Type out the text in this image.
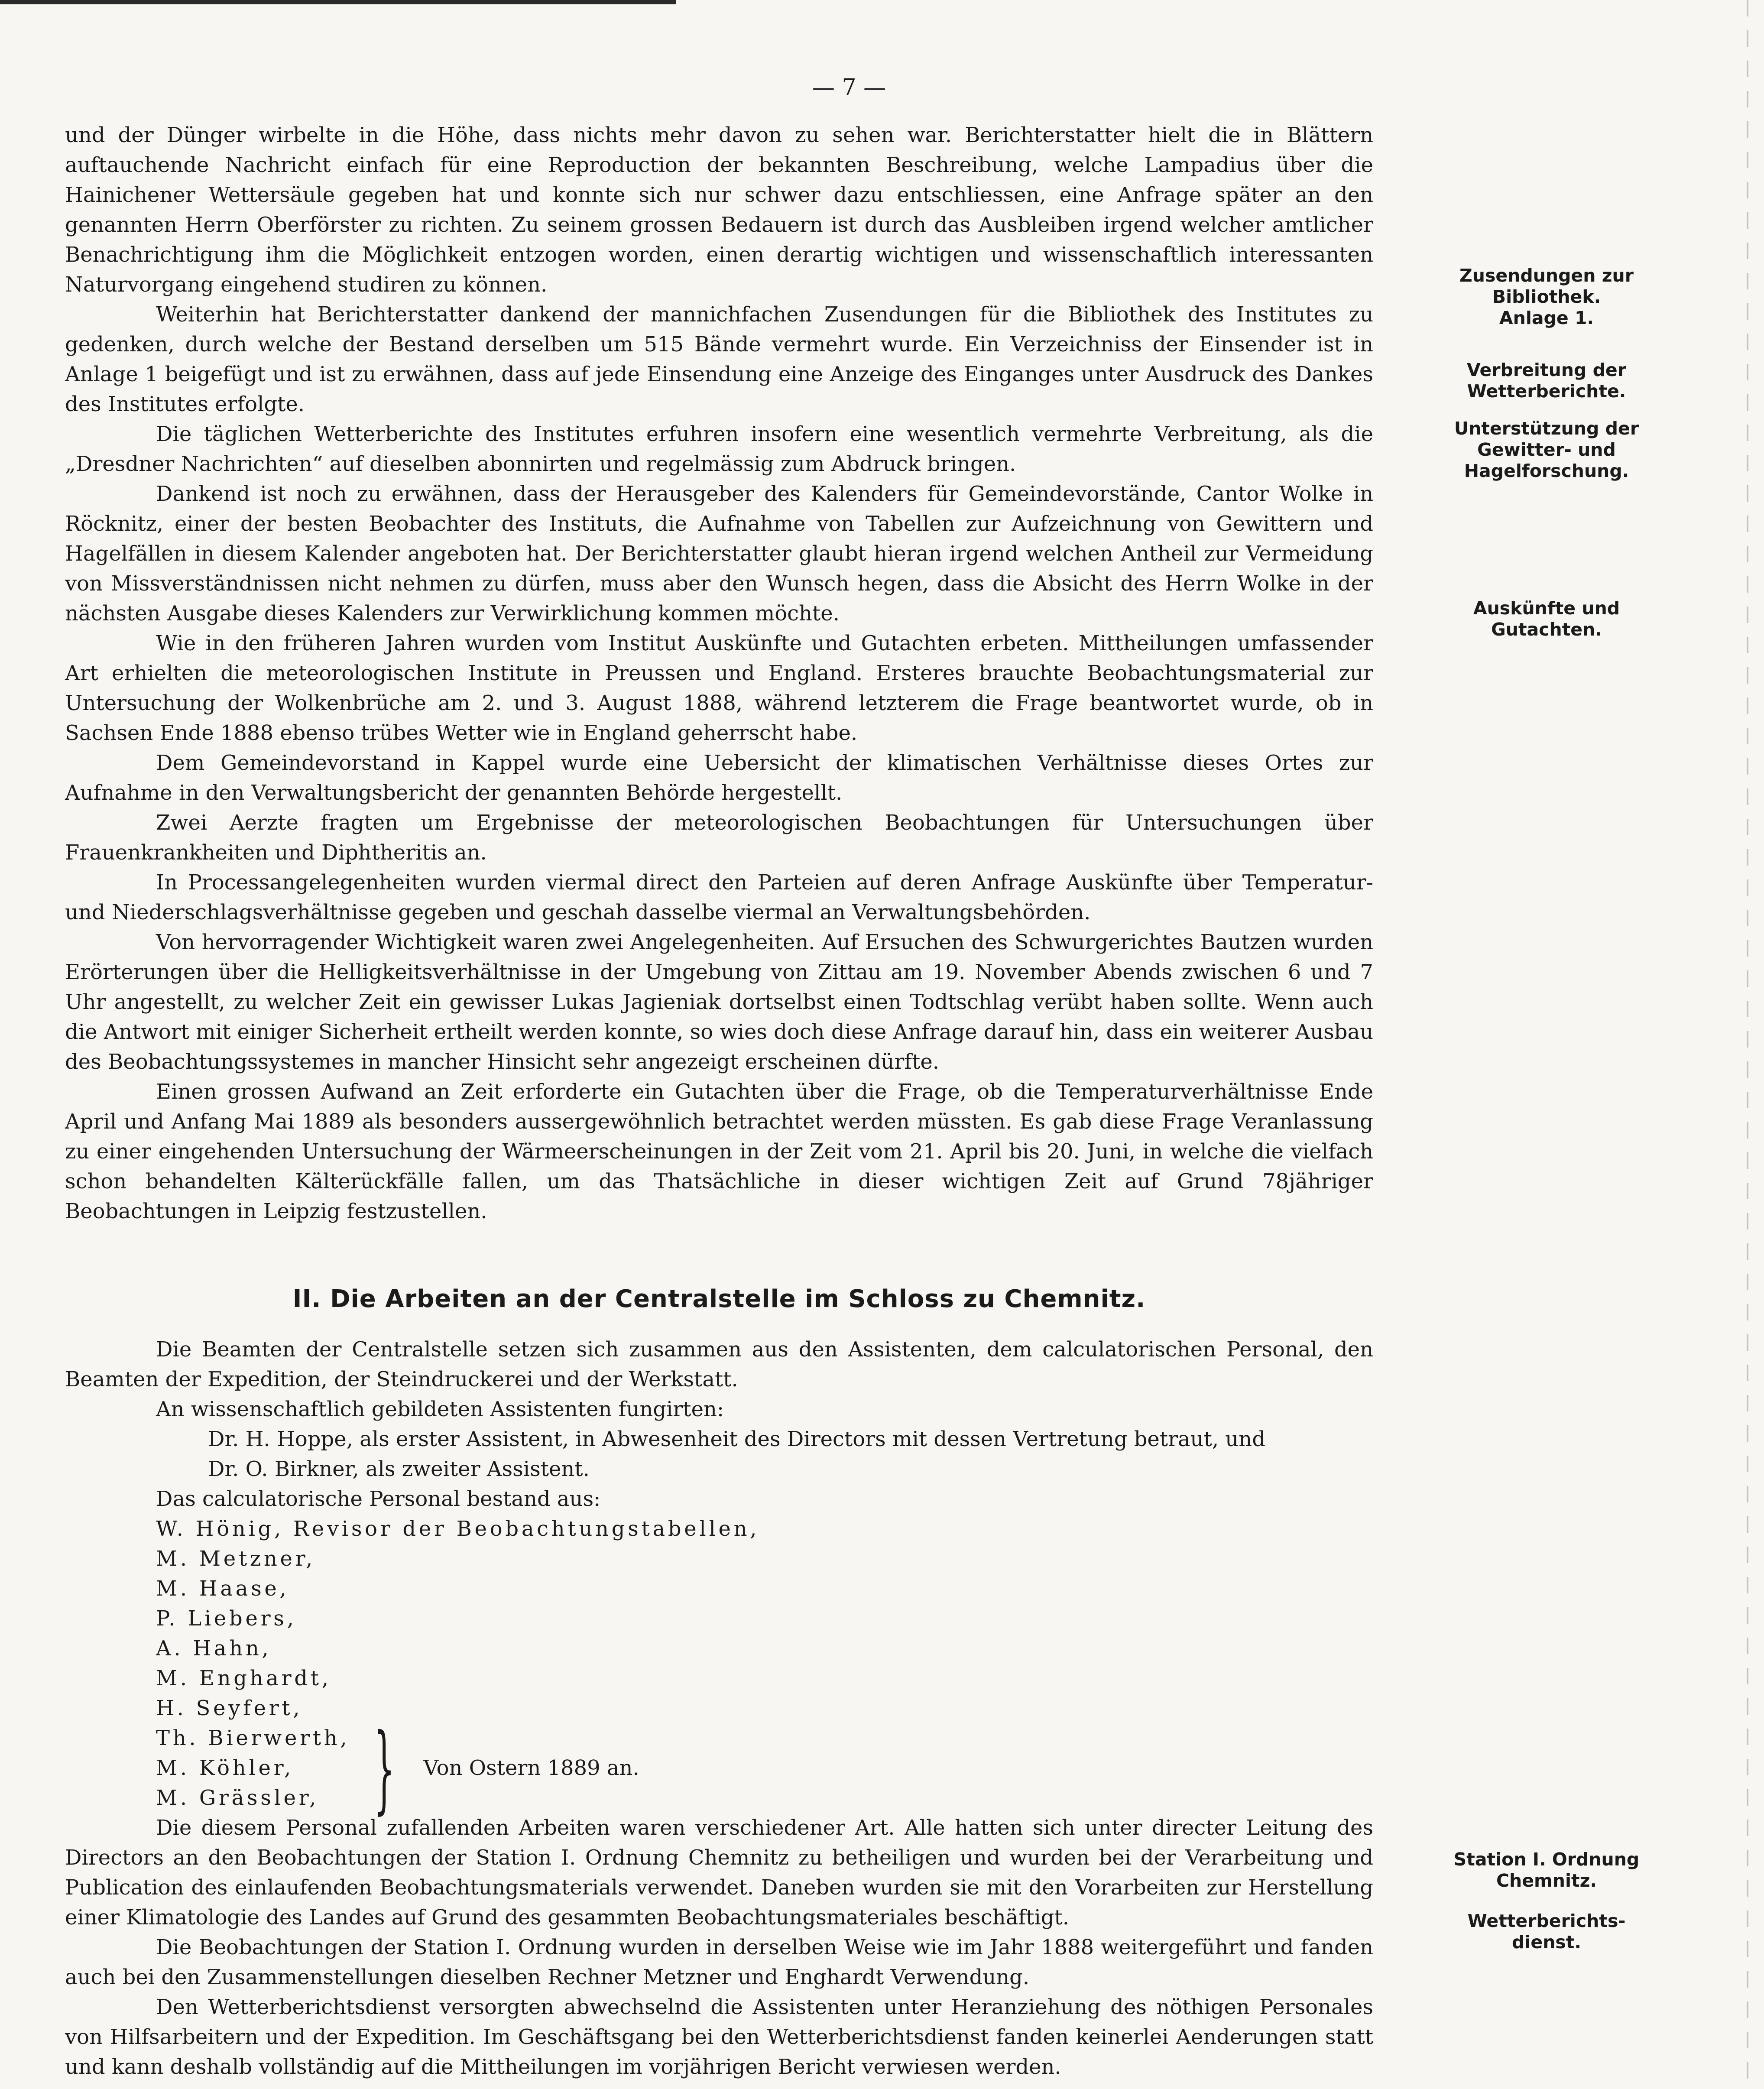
— 7 —

und der Dünger wirbelte in die Höhe, dass nichts mehr davon zu sehen war. Berichterstatter hielt die in Blättern auftauchende Nachricht einfach für eine Reproduction der bekannten Beschreibung, welche Lampadius über die Hainichener Wettersäule gegeben hat und konnte sich nur schwer dazu entschliessen, eine Anfrage später an den genannten Herrn Oberförster zu richten. Zu seinem grossen Bedauern ist durch das Ausbleiben irgend welcher amtlicher Benachrichtigung ihm die Möglichkeit entzogen worden, einen derartig wichtigen und wissenschaftlich interessanten Naturvorgang eingehend studiren zu können.

Weiterhin hat Berichterstatter dankend der mannichfachen Zusendungen für die Bibliothek des Institutes zu gedenken, durch welche der Bestand derselben um 515 Bände vermehrt wurde. Ein Verzeichniss der Einsender ist in Anlage 1 beigefügt und ist zu erwähnen, dass auf jede Einsendung eine Anzeige des Einganges unter Ausdruck des Dankes des Institutes erfolgte.

Die täglichen Wetterberichte des Institutes erfuhren insofern eine wesentlich vermehrte Verbreitung, als die „Dresdner Nachrichten“ auf dieselben abonnirten und regelmässig zum Abdruck bringen.

Dankend ist noch zu erwähnen, dass der Herausgeber des Kalenders für Gemeindevorstände, Cantor Wolke in Röcknitz, einer der besten Beobachter des Instituts, die Aufnahme von Tabellen zur Aufzeichnung von Gewittern und Hagelfällen in diesem Kalender angeboten hat. Der Berichterstatter glaubt hieran irgend welchen Antheil zur Vermeidung von Missverständnissen nicht nehmen zu dürfen, muss aber den Wunsch hegen, dass die Absicht des Herrn Wolke in der nächsten Ausgabe dieses Kalenders zur Verwirklichung kommen möchte.

Wie in den früheren Jahren wurden vom Institut Auskünfte und Gutachten erbeten. Mittheilungen umfassender Art erhielten die meteorologischen Institute in Preussen und England. Ersteres brauchte Beobachtungsmaterial zur Untersuchung der Wolkenbrüche am 2. und 3. August 1888, während letzterem die Frage beantwortet wurde, ob in Sachsen Ende 1888 ebenso trübes Wetter wie in England geherrscht habe.

Dem Gemeindevorstand in Kappel wurde eine Uebersicht der klimatischen Verhältnisse dieses Ortes zur Aufnahme in den Verwaltungsbericht der genannten Behörde hergestellt.

Zwei Aerzte fragten um Ergebnisse der meteorologischen Beobachtungen für Untersuchungen über Frauenkrankheiten und Diphtheritis an.

In Processangelegenheiten wurden viermal direct den Parteien auf deren Anfrage Auskünfte über Temperatur- und Niederschlagsverhältnisse gegeben und geschah dasselbe viermal an Verwaltungsbehörden.

Von hervorragender Wichtigkeit waren zwei Angelegenheiten. Auf Ersuchen des Schwurgerichtes Bautzen wurden Erörterungen über die Helligkeitsverhältnisse in der Umgebung von Zittau am 19. November Abends zwischen 6 und 7 Uhr angestellt, zu welcher Zeit ein gewisser Lukas Jagieniak dortselbst einen Todtschlag verübt haben sollte. Wenn auch die Antwort mit einiger Sicherheit ertheilt werden konnte, so wies doch diese Anfrage darauf hin, dass ein weiterer Ausbau des Beobachtungssystemes in mancher Hinsicht sehr angezeigt erscheinen dürfte.

Einen grossen Aufwand an Zeit erforderte ein Gutachten über die Frage, ob die Temperaturverhältnisse Ende April und Anfang Mai 1889 als besonders aussergewöhnlich betrachtet werden müssten. Es gab diese Frage Veranlassung zu einer eingehenden Untersuchung der Wärmeerscheinungen in der Zeit vom 21. April bis 20. Juni, in welche die vielfach schon behandelten Kälterückfälle fallen, um das Thatsächliche in dieser wichtigen Zeit auf Grund 78jähriger Beobachtungen in Leipzig festzustellen.

II. Die Arbeiten an der Centralstelle im Schloss zu Chemnitz.

Die Beamten der Centralstelle setzen sich zusammen aus den Assistenten, dem calculatorischen Personal, den Beamten der Expedition, der Steindruckerei und der Werkstatt.

An wissenschaftlich gebildeten Assistenten fungirten:

Dr. H. Hoppe, als erster Assistent, in Abwesenheit des Directors mit dessen Vertretung betraut, und

Dr. O. Birkner, als zweiter Assistent.

Das calculatorische Personal bestand aus:

W. Hönig, Revisor der Beobachtungstabellen,

M. Metzner,

M. Haase,

P. Liebers,

A. Hahn,

M. Enghardt,

H. Seyfert,

Th. Bierwerth,

M. Köhler,

M. Grässler, } Von Ostern 1889 an.

Die diesem Personal zufallenden Arbeiten waren verschiedener Art. Alle hatten sich unter directer Leitung des Directors an den Beobachtungen der Station I. Ordnung Chemnitz zu betheiligen und wurden bei der Verarbeitung und Publication des einlaufenden Beobachtungsmaterials verwendet. Daneben wurden sie mit den Vorarbeiten zur Herstellung einer Klimatologie des Landes auf Grund des gesammten Beobachtungsmateriales beschäftigt.

Die Beobachtungen der Station I. Ordnung wurden in derselben Weise wie im Jahr 1888 weitergeführt und fanden auch bei den Zusammenstellungen dieselben Rechner Metzner und Enghardt Verwendung.

Den Wetterberichtsdienst versorgten abwechselnd die Assistenten unter Heranziehung des nöthigen Personales von Hilfsarbeitern und der Expedition. Im Geschäftsgang bei den Wetterberichtsdienst fanden keinerlei Aenderungen statt und kann deshalb vollständig auf die Mittheilungen im vorjährigen Bericht verwiesen werden.

Zusendungen zur
Bibliothek.
Anlage 1.
Verbreitung der
Wetterberichte.
Unterstützung der
Gewitter- und
Hagelforschung.
Auskünfte und
Gutachten.
Station I. Ordnung
Chemnitz.
Wetterberichts-
dienst.
